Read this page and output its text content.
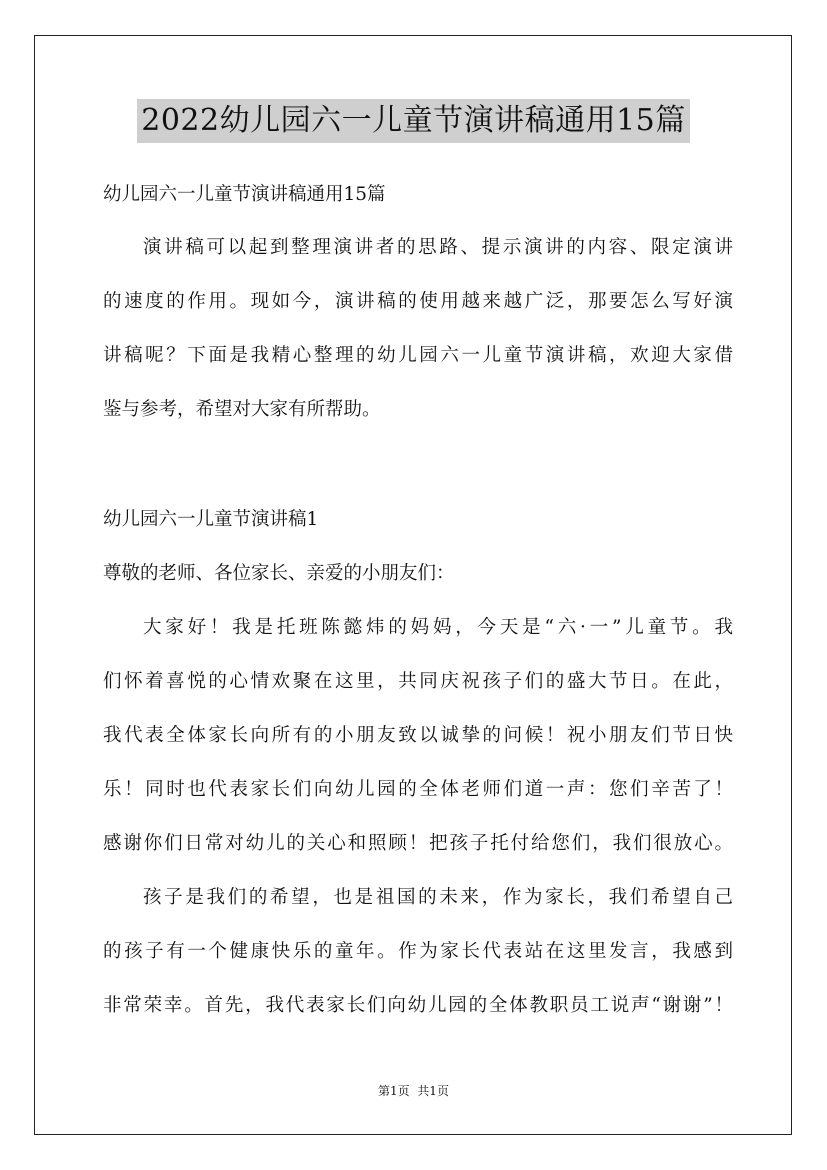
2022幼儿园六一儿童节演讲稿通用15篇
幼儿园六一儿童节演讲稿通用15篇
演讲稿可以起到整理演讲者的思路、提示演讲的内容、限定演讲
的速度的作用。现如今，演讲稿的使用越来越广泛，那要怎么写好演
讲稿呢？下面是我精心整理的幼儿园六一儿童节演讲稿，欢迎大家借
鉴与参考，希望对大家有所帮助。
幼儿园六一儿童节演讲稿1
尊敬的老师、各位家长、亲爱的小朋友们：
大家好！我是托班陈懿炜的妈妈，今天是“六·一”儿童节。我
们怀着喜悦的心情欢聚在这里，共同庆祝孩子们的盛大节日。在此，
我代表全体家长向所有的小朋友致以诚挚的问候！祝小朋友们节日快
乐！同时也代表家长们向幼儿园的全体老师们道一声：您们辛苦了！
感谢你们日常对幼儿的关心和照顾！把孩子托付给您们，我们很放心。
孩子是我们的希望，也是祖国的未来，作为家长，我们希望自己
的孩子有一个健康快乐的童年。作为家长代表站在这里发言，我感到
非常荣幸。首先，我代表家长们向幼儿园的全体教职员工说声“谢谢”！
第1页  共1页
